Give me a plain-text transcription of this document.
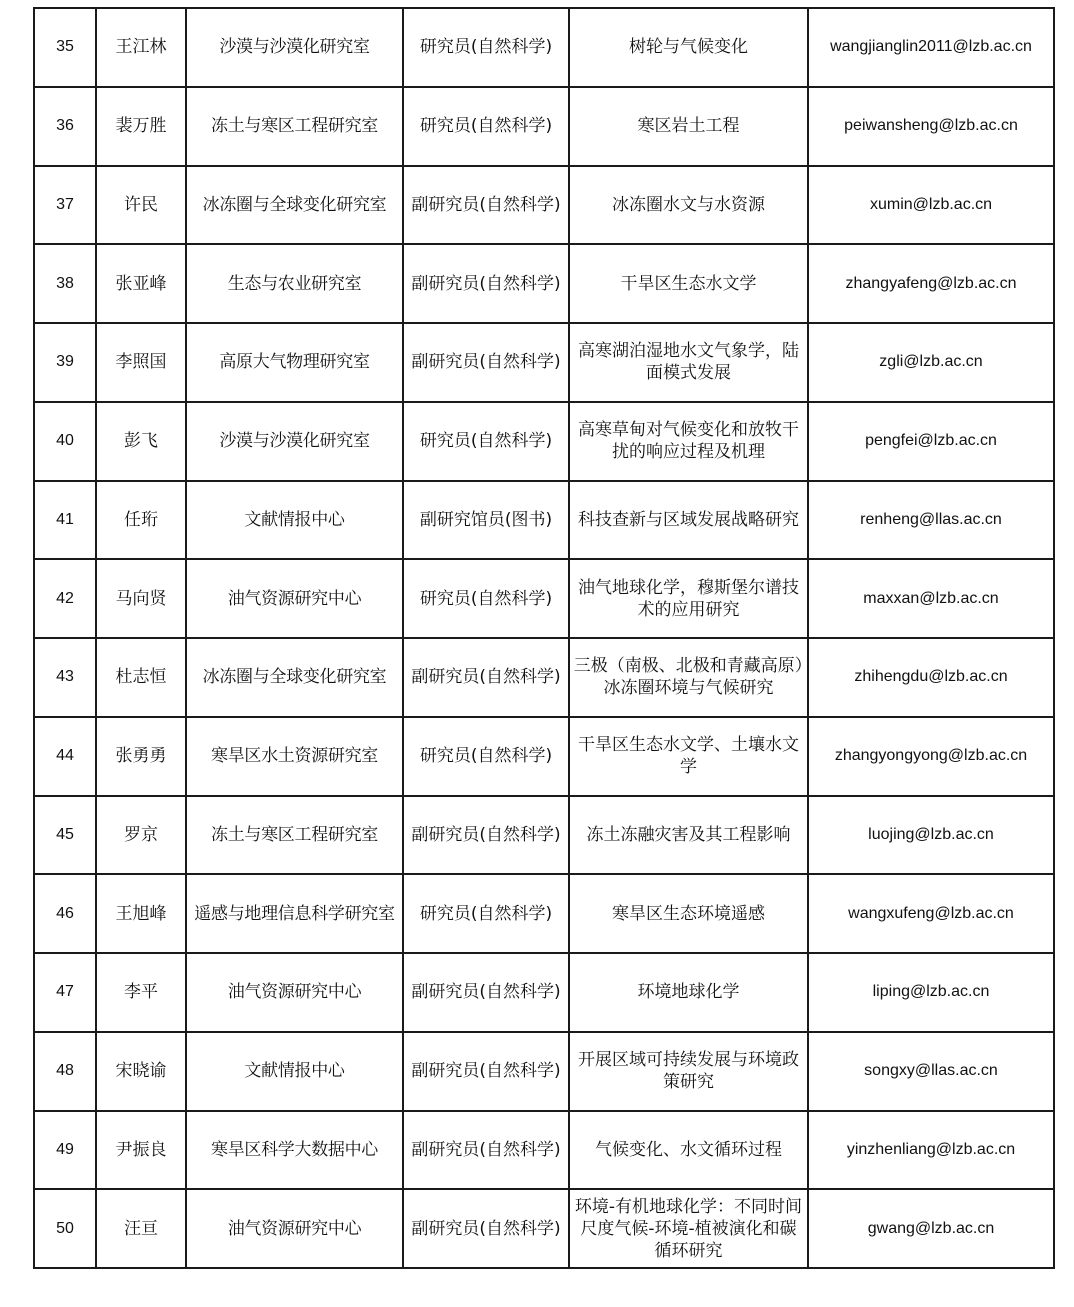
35	王江林	沙漠与沙漠化研究室	研究员(自然科学)	树轮与气候变化	wangjianglin2011@lzb.ac.cn
36	裴万胜	冻土与寒区工程研究室	研究员(自然科学)	寒区岩土工程	peiwansheng@lzb.ac.cn
37	许民	冰冻圈与全球变化研究室	副研究员(自然科学)	冰冻圈水文与水资源	xumin@lzb.ac.cn
38	张亚峰	生态与农业研究室	副研究员(自然科学)	干旱区生态水文学	zhangyafeng@lzb.ac.cn
39	李照国	高原大气物理研究室	副研究员(自然科学)	高寒湖泊湿地水文气象学，陆面模式发展	zgli@lzb.ac.cn
40	彭飞	沙漠与沙漠化研究室	研究员(自然科学)	高寒草甸对气候变化和放牧干扰的响应过程及机理	pengfei@lzb.ac.cn
41	任珩	文献情报中心	副研究馆员(图书)	科技查新与区域发展战略研究	renheng@llas.ac.cn
42	马向贤	油气资源研究中心	研究员(自然科学)	油气地球化学，穆斯堡尔谱技术的应用研究	maxxan@lzb.ac.cn
43	杜志恒	冰冻圈与全球变化研究室	副研究员(自然科学)	三极（南极、北极和青藏高原）冰冻圈环境与气候研究	zhihengdu@lzb.ac.cn
44	张勇勇	寒旱区水土资源研究室	研究员(自然科学)	干旱区生态水文学、土壤水文学	zhangyongyong@lzb.ac.cn
45	罗京	冻土与寒区工程研究室	副研究员(自然科学)	冻土冻融灾害及其工程影响	luojing@lzb.ac.cn
46	王旭峰	遥感与地理信息科学研究室	研究员(自然科学)	寒旱区生态环境遥感	wangxufeng@lzb.ac.cn
47	李平	油气资源研究中心	副研究员(自然科学)	环境地球化学	liping@lzb.ac.cn
48	宋晓谕	文献情报中心	副研究员(自然科学)	开展区域可持续发展与环境政策研究	songxy@llas.ac.cn
49	尹振良	寒旱区科学大数据中心	副研究员(自然科学)	气候变化、水文循环过程	yinzhenliang@lzb.ac.cn
50	汪亘	油气资源研究中心	副研究员(自然科学)	环境-有机地球化学：不同时间尺度气候-环境-植被演化和碳循环研究	gwang@lzb.ac.cn
